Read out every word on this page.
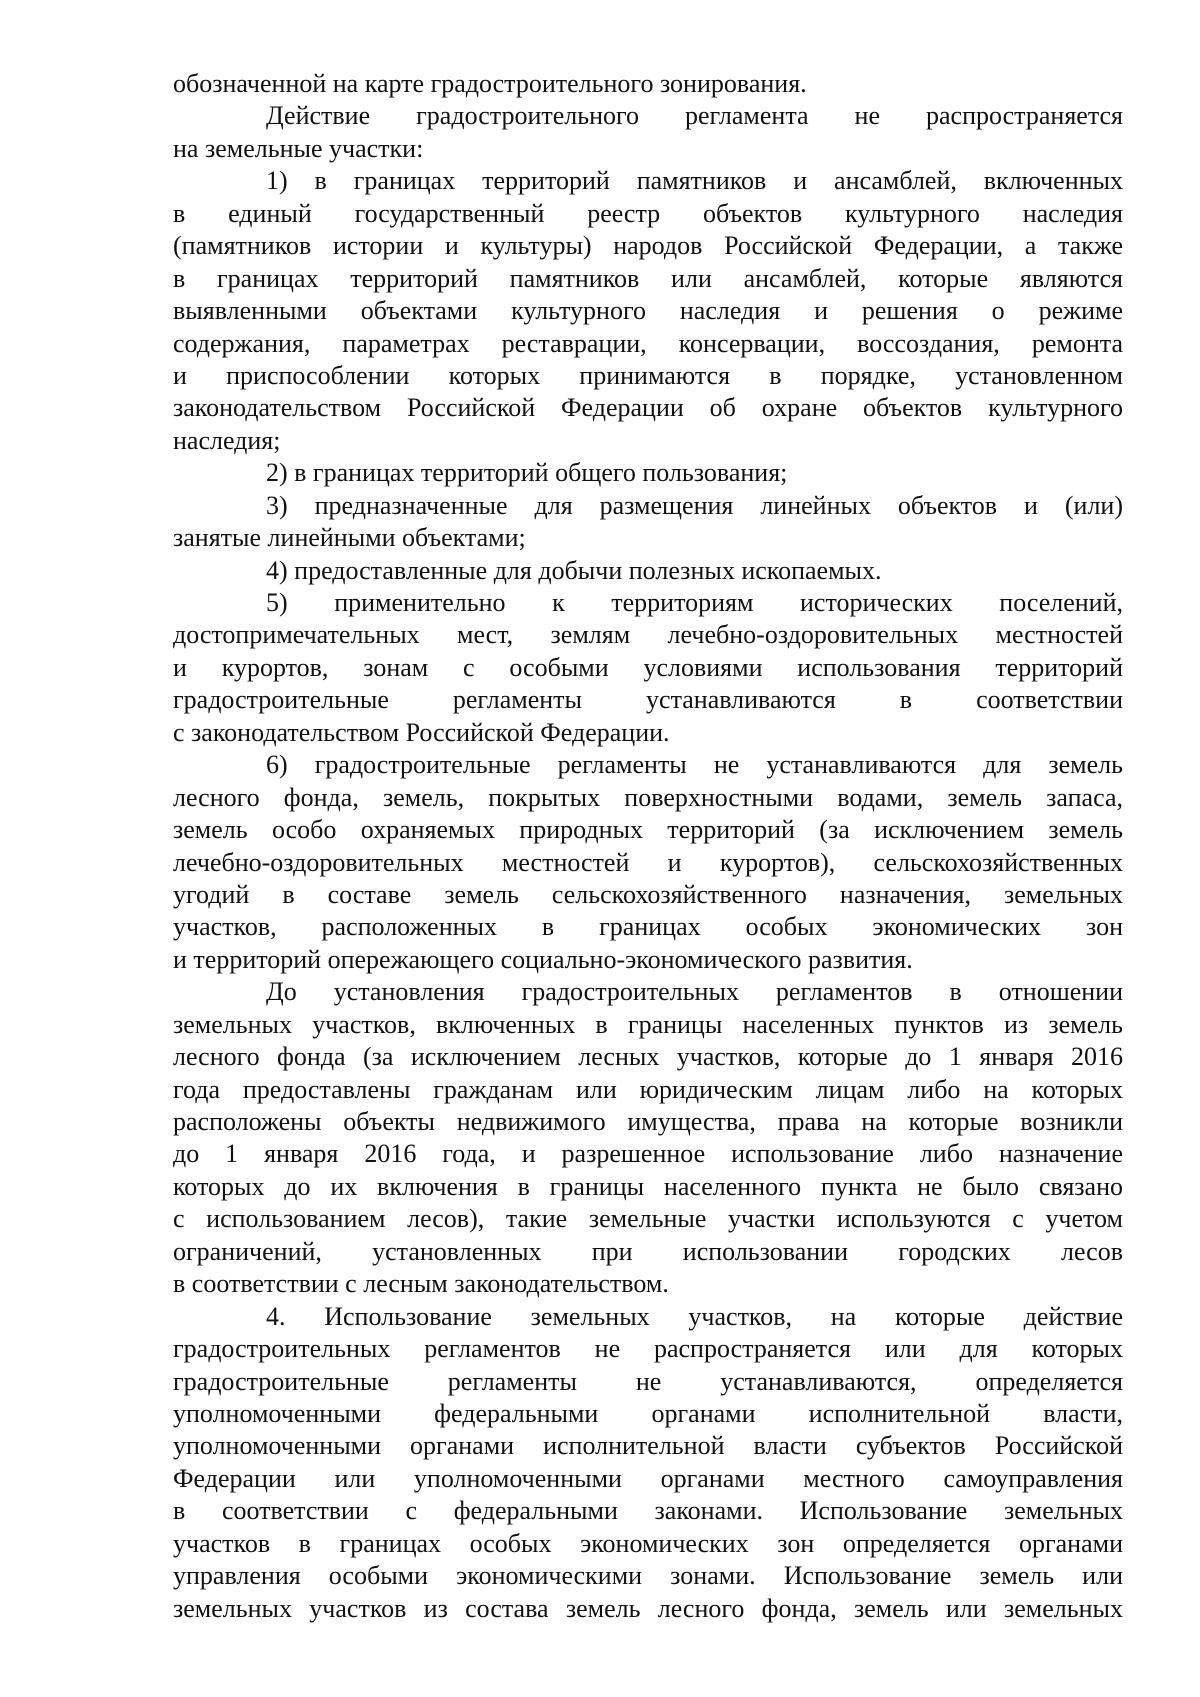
обозначенной на карте градостроительного зонирования.
Действие градостроительного регламента не распространяется
на земельные участки:
1) в границах территорий памятников и ансамблей, включенных
в единый государственный реестр объектов культурного наследия
(памятников истории и культуры) народов Российской Федерации, а также
в границах территорий памятников или ансамблей, которые являются
выявленными объектами культурного наследия и решения о режиме
содержания, параметрах реставрации, консервации, воссоздания, ремонта
и приспособлении которых принимаются в порядке, установленном
законодательством Российской Федерации об охране объектов культурного
наследия;
2) в границах территорий общего пользования;
3) предназначенные для размещения линейных объектов и (или)
занятые линейными объектами;
4) предоставленные для добычи полезных ископаемых.
5) применительно к территориям исторических поселений,
достопримечательных мест, землям лечебно-оздоровительных местностей
и курортов, зонам с особыми условиями использования территорий
градостроительные регламенты устанавливаются в соответствии
с законодательством Российской Федерации.
6) градостроительные регламенты не устанавливаются для земель
лесного фонда, земель, покрытых поверхностными водами, земель запаса,
земель особо охраняемых природных территорий (за исключением земель
лечебно-оздоровительных местностей и курортов), сельскохозяйственных
угодий в составе земель сельскохозяйственного назначения, земельных
участков, расположенных в границах особых экономических зон
и территорий опережающего социально-экономического развития.
До установления градостроительных регламентов в отношении
земельных участков, включенных в границы населенных пунктов из земель
лесного фонда (за исключением лесных участков, которые до 1 января 2016
года предоставлены гражданам или юридическим лицам либо на которых
расположены объекты недвижимого имущества, права на которые возникли
до 1 января 2016 года, и разрешенное использование либо назначение
которых до их включения в границы населенного пункта не было связано
с использованием лесов), такие земельные участки используются с учетом
ограничений, установленных при использовании городских лесов
в соответствии с лесным законодательством.
4. Использование земельных участков, на которые действие
градостроительных регламентов не распространяется или для которых
градостроительные регламенты не устанавливаются, определяется
уполномоченными федеральными органами исполнительной власти,
уполномоченными органами исполнительной власти субъектов Российской
Федерации или уполномоченными органами местного самоуправления
в соответствии с федеральными законами. Использование земельных
участков в границах особых экономических зон определяется органами
управления особыми экономическими зонами. Использование земель или
земельных участков из состава земель лесного фонда, земель или земельных
